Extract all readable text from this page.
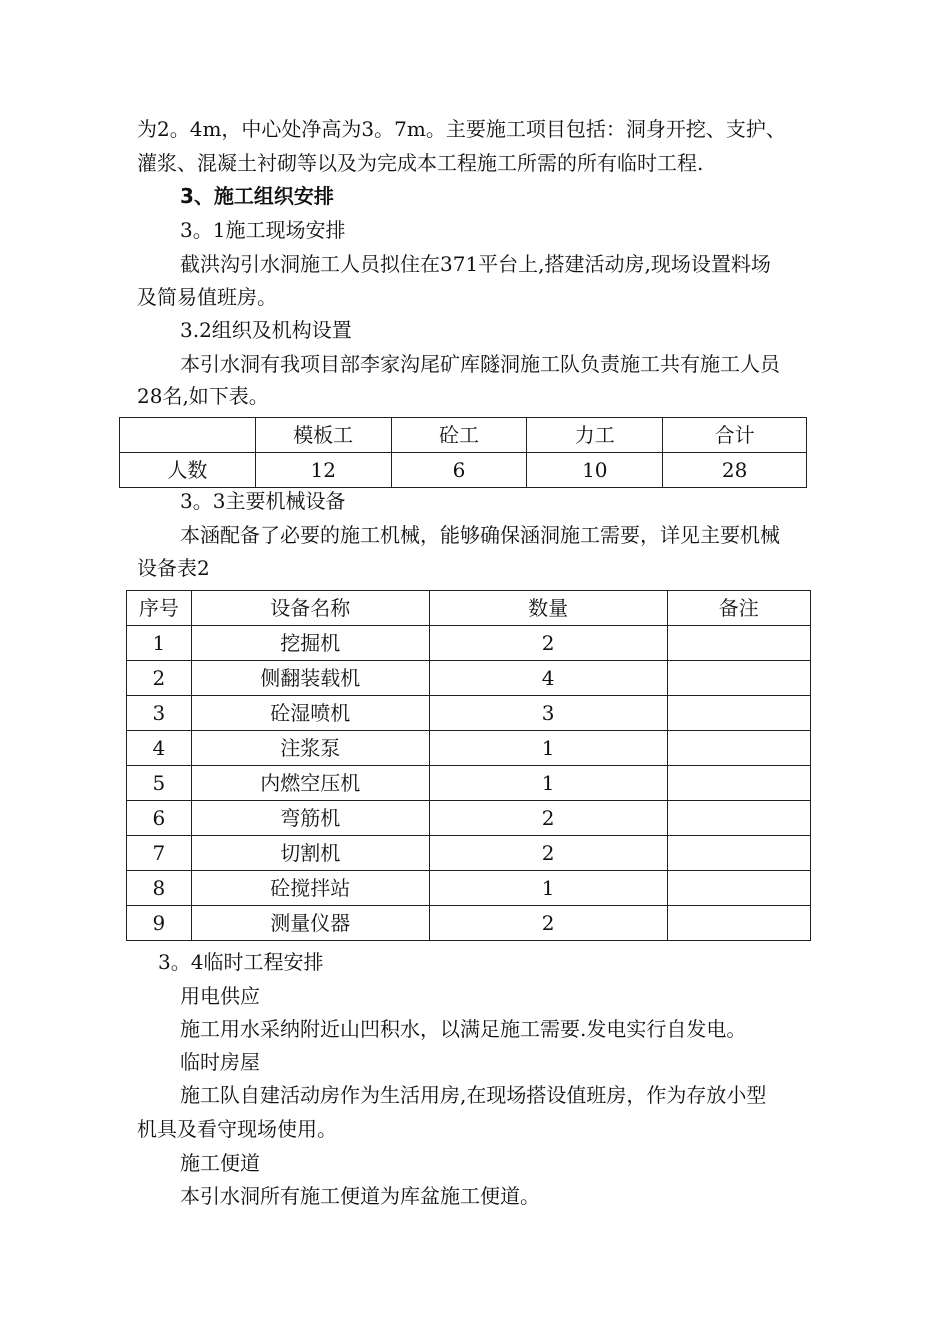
为2。4m，中心处净高为3。7m。主要施工项目包括：洞身开挖、支护、
灌浆、混凝土衬砌等以及为完成本工程施工所需的所有临时工程.
3、施工组织安排
3。1施工现场安排
截洪沟引水洞施工人员拟住在371平台上,搭建活动房,现场设置料场
及简易值班房。
3.2组织及机构设置
本引水洞有我项目部李家沟尾矿库隧洞施工队负责施工共有施工人员
28名,如下表。
	模板工	砼工	力工	合计
人数	12	6	10	28
3。3主要机械设备
本涵配备了必要的施工机械，能够确保涵洞施工需要，详见主要机械
设备表2
序号	设备名称	数量	备注
1	挖掘机	2	
2	侧翻装载机	4	
3	砼湿喷机	3	
4	注浆泵	1	
5	内燃空压机	1	
6	弯筋机	2	
7	切割机	2	
8	砼搅拌站	1	
9	测量仪器	2	
3。4临时工程安排
用电供应
施工用水采纳附近山凹积水，以满足施工需要.发电实行自发电。
临时房屋
施工队自建活动房作为生活用房,在现场搭设值班房，作为存放小型
机具及看守现场使用。
施工便道
本引水洞所有施工便道为库盆施工便道。
